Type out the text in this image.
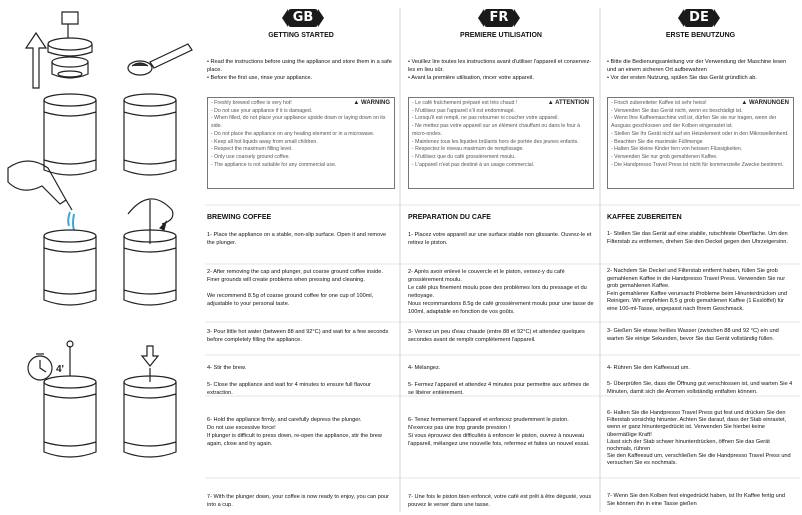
4'
GB	FR	DE
GETTING STARTED	PREMIERE UTILISATION	ERSTE BENUTZUNG
• Read the instructions before using the appliance and store them in a safe place.
• Before the first use, rinse your appliance.
• Veuillez lire toutes les instructions avant d'utiliser l'appareil et conservez-les en lieu sûr.
• Avant la première utilisation, rincer votre appareil.
• Bitte die Bedienungsanleitung vor der Verwendung der Maschine lesen und an einem sicheren Ort aufbewahren
• Vor der ersten Nutzung, spülen Sie das Gerät gründlich ab.
▲ WARNING
- Freshly brewed coffee is very hot!
- Do not use your appliance if it is damaged.
- When filled, do not place your appliance upside down or laying down on its side.
- Do not place the appliance on any heating element or in a microwave.
- Keep all hot liquids away from small children.
- Respect the maximum filling level.
- Only use coarsely ground coffee.
- The appliance is not suitable for any commercial use.
▲ ATTENTION
- Le café fraîchement préparé est très chaud !
- N'utilisez pas l'appareil s'il est endommagé.
- Lorsqu'il est rempli, ne pas retourner ni coucher votre appareil.
- Ne mettez pas votre appareil sur un élément chauffant ou dans le four à micro-ondes.
- Maintenez tous les liquides brûlants hors de portée des jeunes enfants.
- Respectez le niveau maximum de remplissage.
- N'utilisez que du café grossièrement moulu.
- L'appareil n'est pas destiné à un usage commercial.
▲ WARNUNGEN
- Frisch zubereiteter Kaffee ist sehr heiss!
- Verwenden Sie das Gerät nicht, wenn es beschädigt ist.
- Wenn Ihre Kaffeemaschine voll ist, dürfen Sie sie nur tragen, wenn der Ausguss geschlossen und der Kolben eingerastet ist.
- Stellen Sie Ihr Gerät nicht auf ein Heizelement oder in den Mikrowellenherd.
- Beachten Sie die maximale Füllmenge
- Halten Sie kleine Kinder fern von heissen Flüssigkeiten.
- Verwenden Sie nur grob gemahlenen Kaffee.
- Die Handpresso Travel Press ist nicht für kommerzielle Zwecke bestimmt.
BREWING COFFEE	PREPARATION DU CAFE	KAFFEE ZUBEREITEN
1- Place the appliance on a stable, non-slip surface. Open it and remove the plunger.
2- After removing the cap and plunger, put coarse ground coffee inside.
Finer grounds will create problems when pressing and cleaning.

We recommend 8.5g of coarse ground coffee for one cup of 100ml, adjustable to your personal taste.
3- Pour little hot water (between 88 and 92°C) and wait for a few seconds before completely filling the appliance.
4- Stir the brew.
5- Close the appliance and wait for 4 minutes to ensure full flavour extraction.
6- Hold the appliance firmly, and carefully depress the plunger.
Do not use excessive force!
If plunger is difficult to press down, re-open the appliance, stir the brew again, close and try again.
7- With the plunger down, your coffee is now ready to enjoy, you can pour into a cup.
1- Placez votre appareil sur une surface stable non glissante. Ouvrez-le et retirez le piston.
2- Après avoir enlevé le couvercle et le piston, versez-y du café grossièrement moulu.
Le café plus finement moulu pose des problèmes lors du pressage et du nettoyage.
Nous recommandons 8.5g de café grossièrement moulu pour une tasse de 100ml, adaptable en fonction de vos goûts.
3- Versez un peu d'eau chaude (entre 88 et 92°C) et attendez quelques secondes avant de remplir complètement l'appareil.
4- Mélangez.
5- Fermez l'appareil et attendez 4 minutes pour permettre aux arômes de se libérer entièrement.
6- Tenez fermement l'appareil et enfoncez prudemment le piston.
N'exercez pas une trop grande pression !
Si vous éprouvez des difficultés à enfoncer le piston, ouvrez à nouveau l'appareil, mélangez une nouvelle fois, refermez et faites un nouvel essai.
7- Une fois le piston bien enfoncé, votre café est prêt à être dégusté, vous pouvez le verser dans une tasse.
1- Stellen Sie das Gerät auf eine stabile, rutschfeste Oberfläche. Um den Filterstab zu entfernen, drehen Sie den Deckel gegen den Uhrzeigersinn.
2- Nachdem Sie Deckel und Filterstab entfernt haben, füllen Sie grob gemahlenen Kaffee in die Handpresso Travel Press. Verwenden Sie nur grob gemahlenen Kaffee.
Fein gemahlener Kaffee verursacht Probleme beim Hinunterdrücken und Reinigen. Wir empfehlen 8,5 g grob gemahlenen Kaffee (1 Esslöffel) für eine 100-ml-Tasse, angepasst nach Ihrem Geschmack.
3- Gießen Sie etwas heißes Wasser (zwischen 88 und 92 °C) ein und warten Sie einige Sekunden, bevor Sie das Gerät vollständig füllen.
4- Rühren Sie den Kaffeesud um.
5- Überprüfen Sie, dass die Öffnung gut verschlossen ist, und warten Sie 4 Minuten, damit sich die Aromen vollständig entfalten können.
6- Halten Sie die Handpresso Travel Press gut fest und drücken Sie den Filterstab vorsichtig hinunter. Achten Sie darauf, dass der Stab einrastet, wenn er ganz hinuntergedrückt ist. Verwenden Sie hierbei keine übermäßige Kraft!
Lässt sich der Stab schwer hinunterdrücken, öffnen Sie das Gerät nochmals, rühren
Sie den Kaffeesud um, verschließen Sie die Handpresso Travel Press und versuchen Sie es nochmals.
7- Wenn Sie den Kolben fest eingedrückt haben, ist Ihr Kaffee fertig und Sie können ihn in eine Tasse gießen
